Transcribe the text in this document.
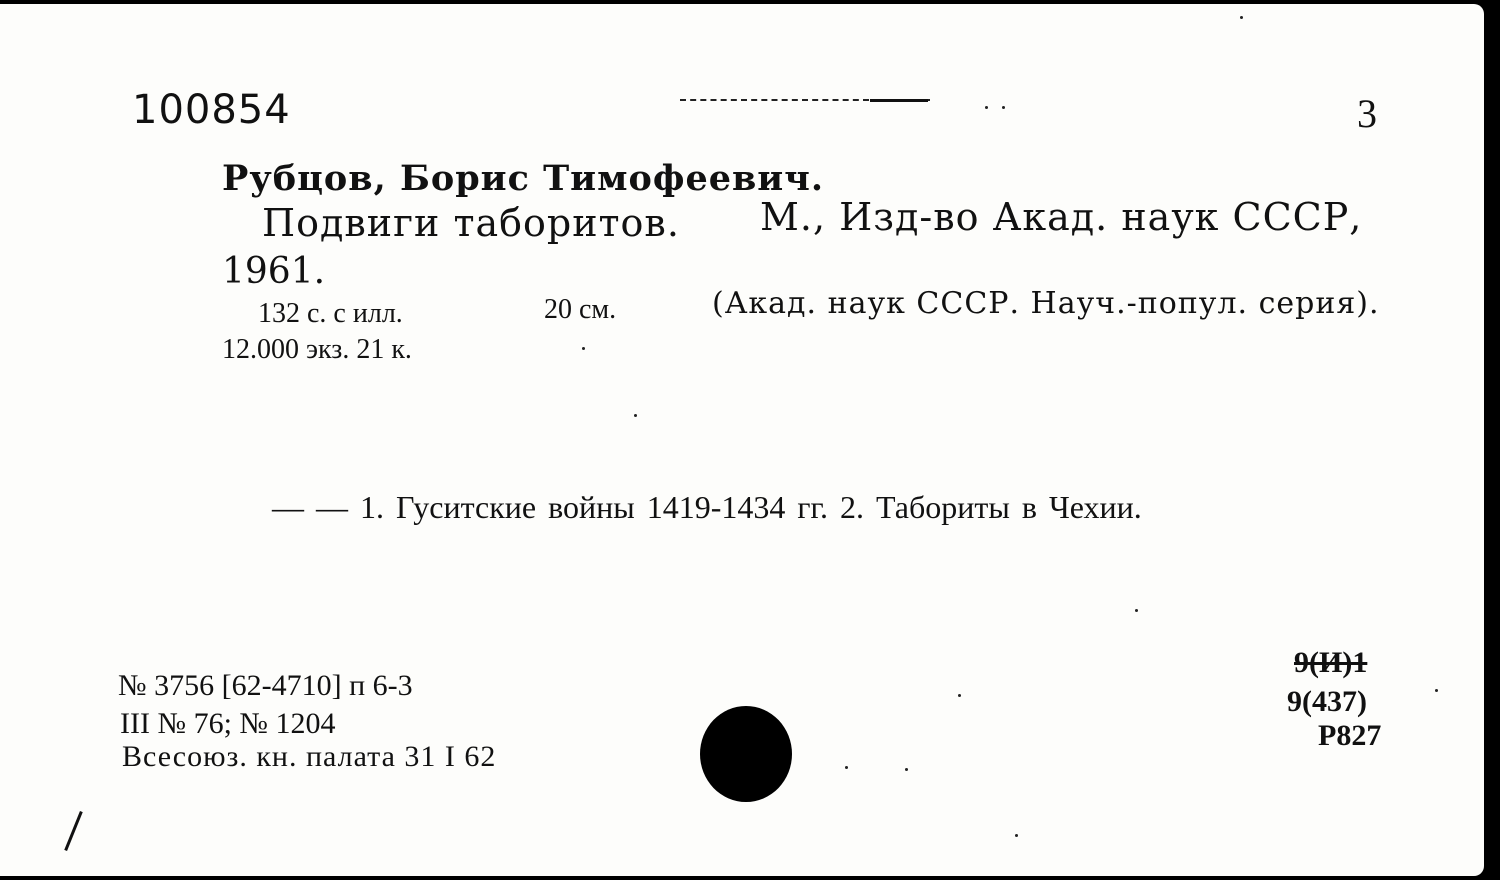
100854	3
Рубцов, Борис Тимофеевич.
Подвиги таборитов. М., Изд-во Акад. наук СССР,
1961.
132 с. с илл.	20 см.	(Акад. наук СССР. Науч.-попул. серия).
12.000 экз. 21 к.
— — 1. Гуситские войны 1419-1434 гг. 2. Табориты в Чехии.
№ 3756 [62-4710] п 6-3
III № 76; № 1204
Всесоюз. кн. палата 31 I 62
9(И)1
9(437)
Р827
